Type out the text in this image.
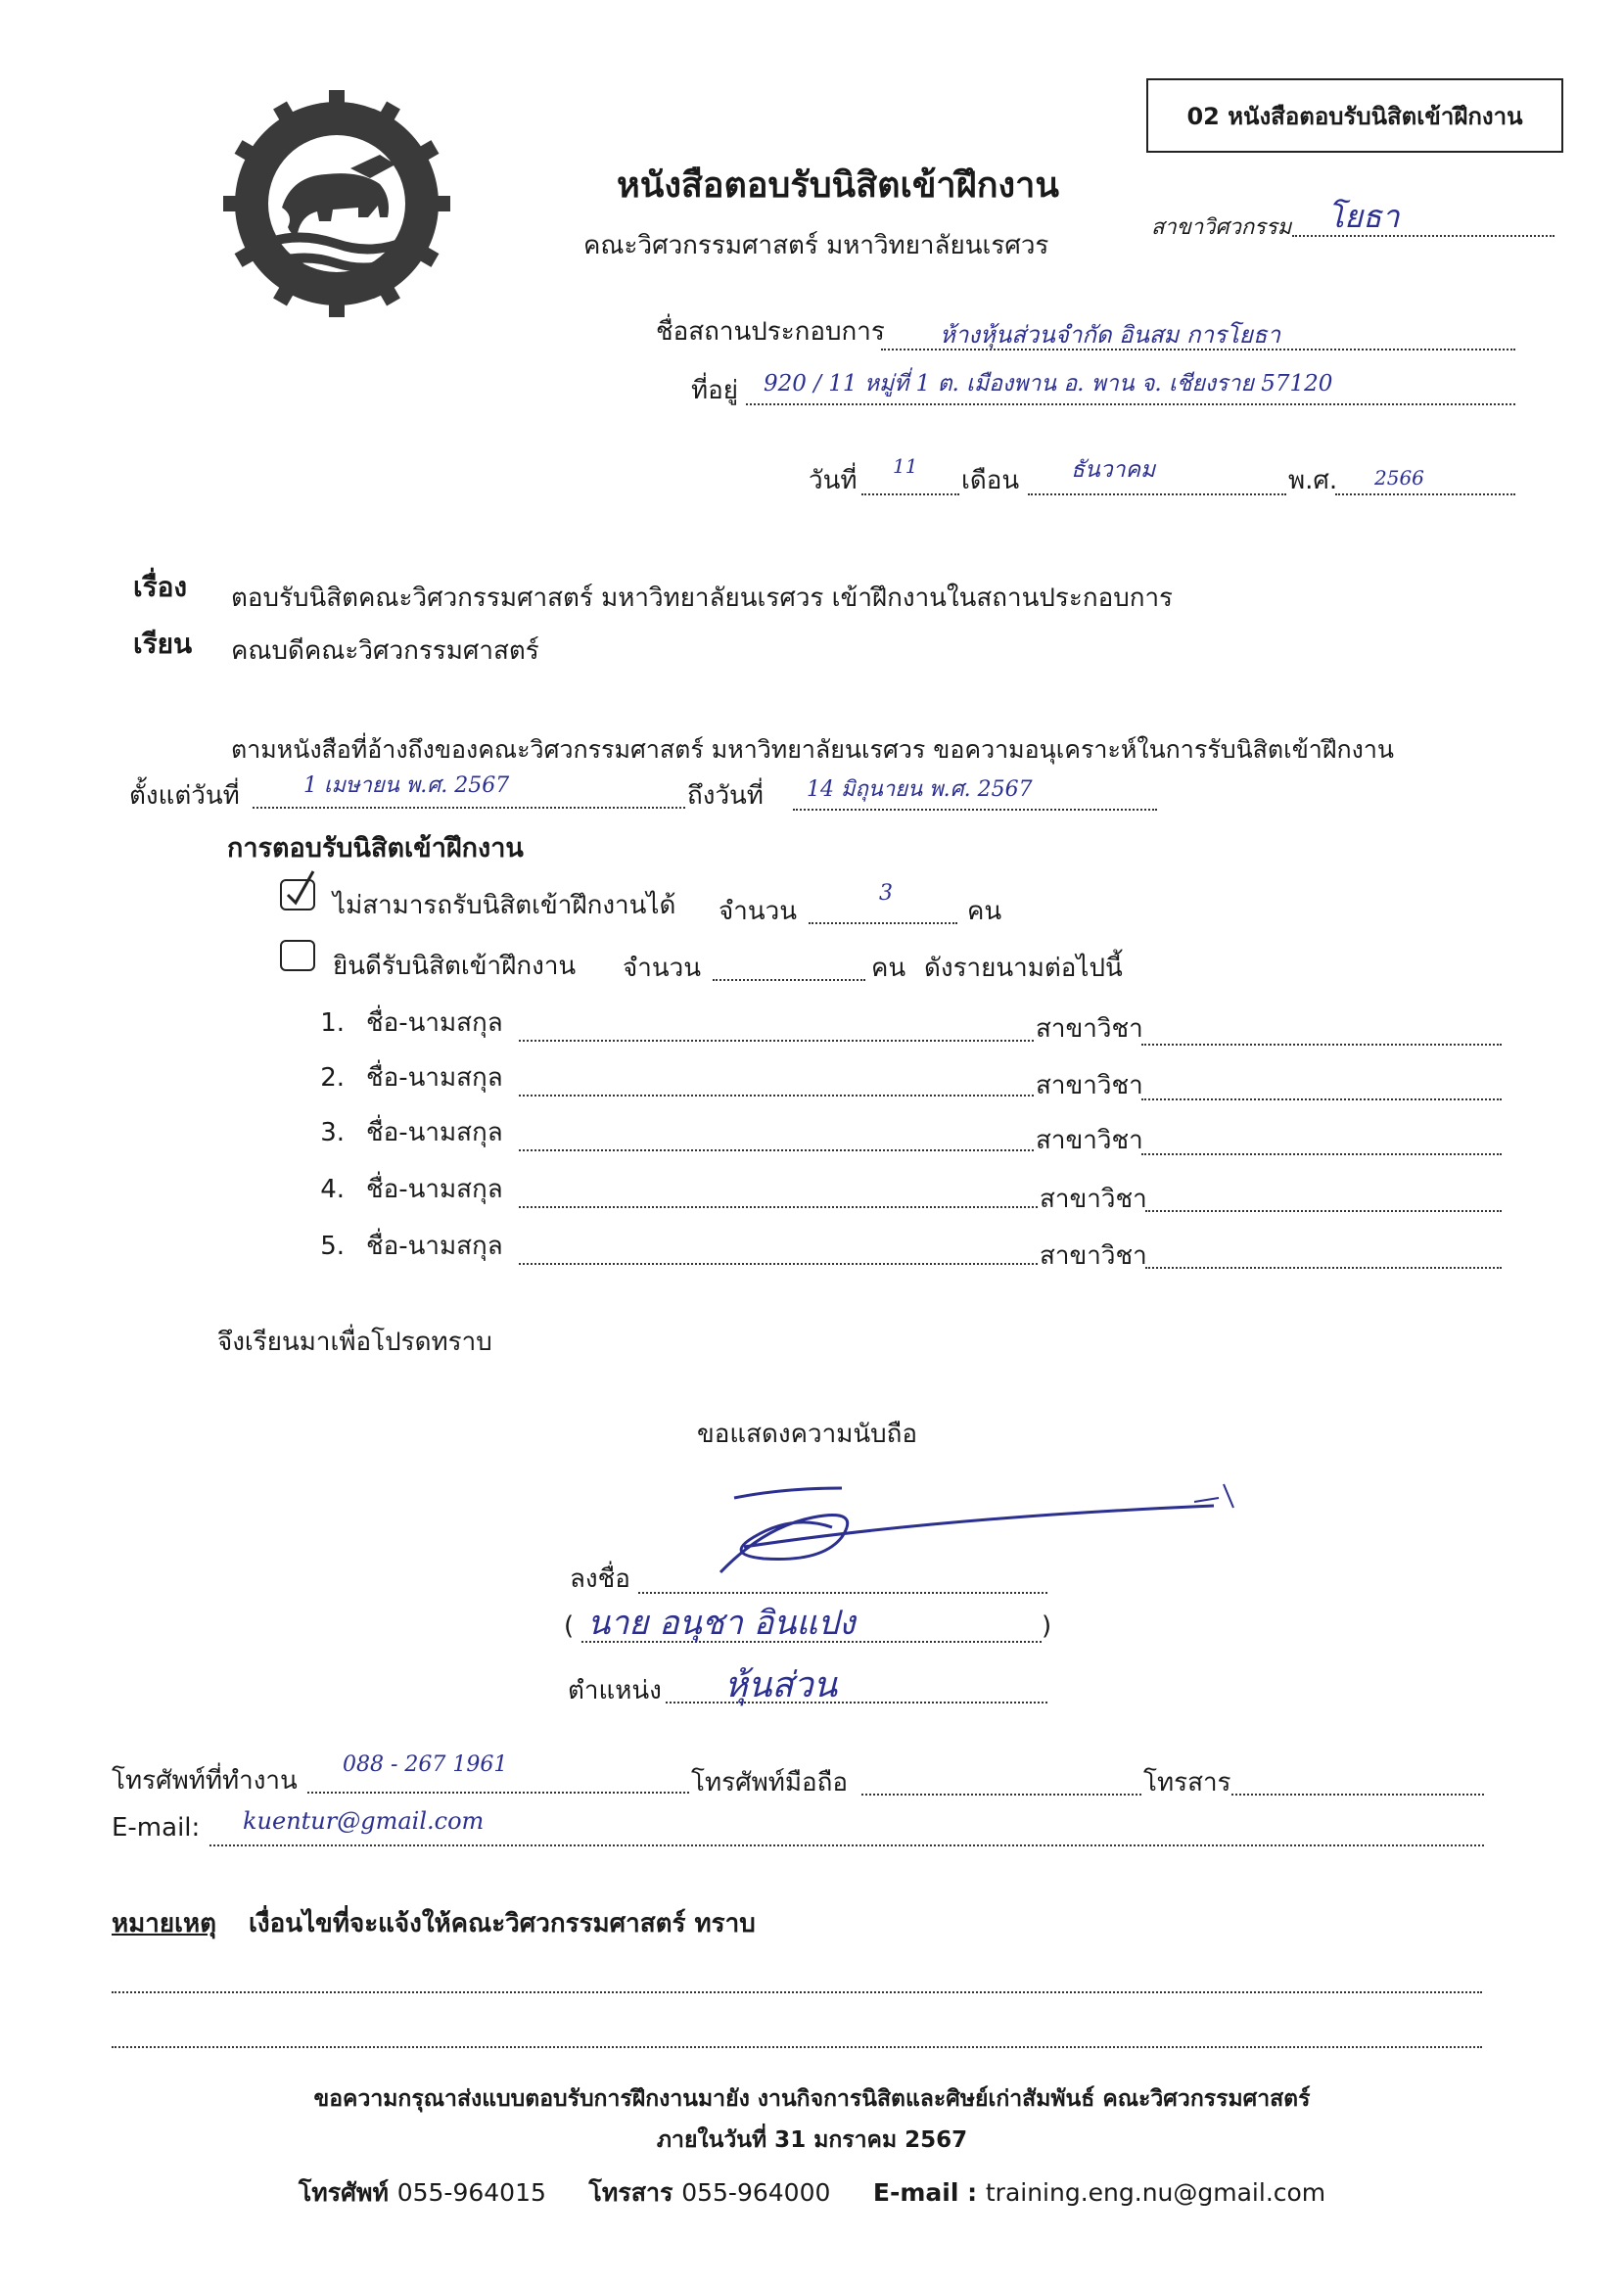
02 หนังสือตอบรับนิสิตเข้าฝึกงาน
หนังสือตอบรับนิสิตเข้าฝึกงาน
คณะวิศวกรรมศาสตร์ มหาวิทยาลัยนเรศวร
สาขาวิศวกรรม โยธา
ชื่อสถานประกอบการ ห้างหุ้นส่วนจำกัด อินสม การโยธา
ที่อยู่ 920 / 11 หมู่ที่ 1 ต. เมืองพาน อ. พาน จ. เชียงราย 57120
วันที่ 11 เดือน ธันวาคม	พ.ศ. 2566
เรื่อง ตอบรับนิสิตคณะวิศวกรรมศาสตร์ มหาวิทยาลัยนเรศวร เข้าฝึกงานในสถานประกอบการ
เรียน คณบดีคณะวิศวกรรมศาสตร์
ตามหนังสือที่อ้างถึงของคณะวิศวกรรมศาสตร์ มหาวิทยาลัยนเรศวร ขอความอนุเคราะห์ในการรับนิสิตเข้าฝึกงาน
ตั้งแต่วันที่	1 เมษายน พ.ศ. 2567	ถึงวันที่ 14 มิถุนายน พ.ศ. 2567
การตอบรับนิสิตเข้าฝึกงาน
ไม่สามารถรับนิสิตเข้าฝึกงานได้ จำนวน
3
คน
ยินดีรับนิสิตเข้าฝึกงาน จำนวน	คน ดังรายนามต่อไปนี้
1. ชื่อ-นามสกุล	สาขาวิชา
2. ชื่อ-นามสกุล	สาขาวิชา
3. ชื่อ-นามสกุล	สาขาวิชา
4. ชื่อ-นามสกุล	สาขาวิชา
5. ชื่อ-นามสกุล	สาขาวิชา
จึงเรียนมาเพื่อโปรดทราบ
ขอแสดงความนับถือ
ลงชื่อ
( นาย อนุชา อินแปง	)
ตำแหน่ง หุ้นส่วน
โทรศัพท์ที่ทำงาน
088 - 267 1961
โทรศัพท์มือถือ	โทรสาร
E-mail: kuentur@gmail.com
หมายเหตุ เงื่อนไขที่จะแจ้งให้คณะวิศวกรรมศาสตร์ ทราบ
ขอความกรุณาส่งแบบตอบรับการฝึกงานมายัง งานกิจการนิสิตและศิษย์เก่าสัมพันธ์ คณะวิศวกรรมศาสตร์
ภายในวันที่ 31 มกราคม 2567
โทรศัพท์ 055-964015 โทรสาร 055-964000 E-mail : training.eng.nu@gmail.com
